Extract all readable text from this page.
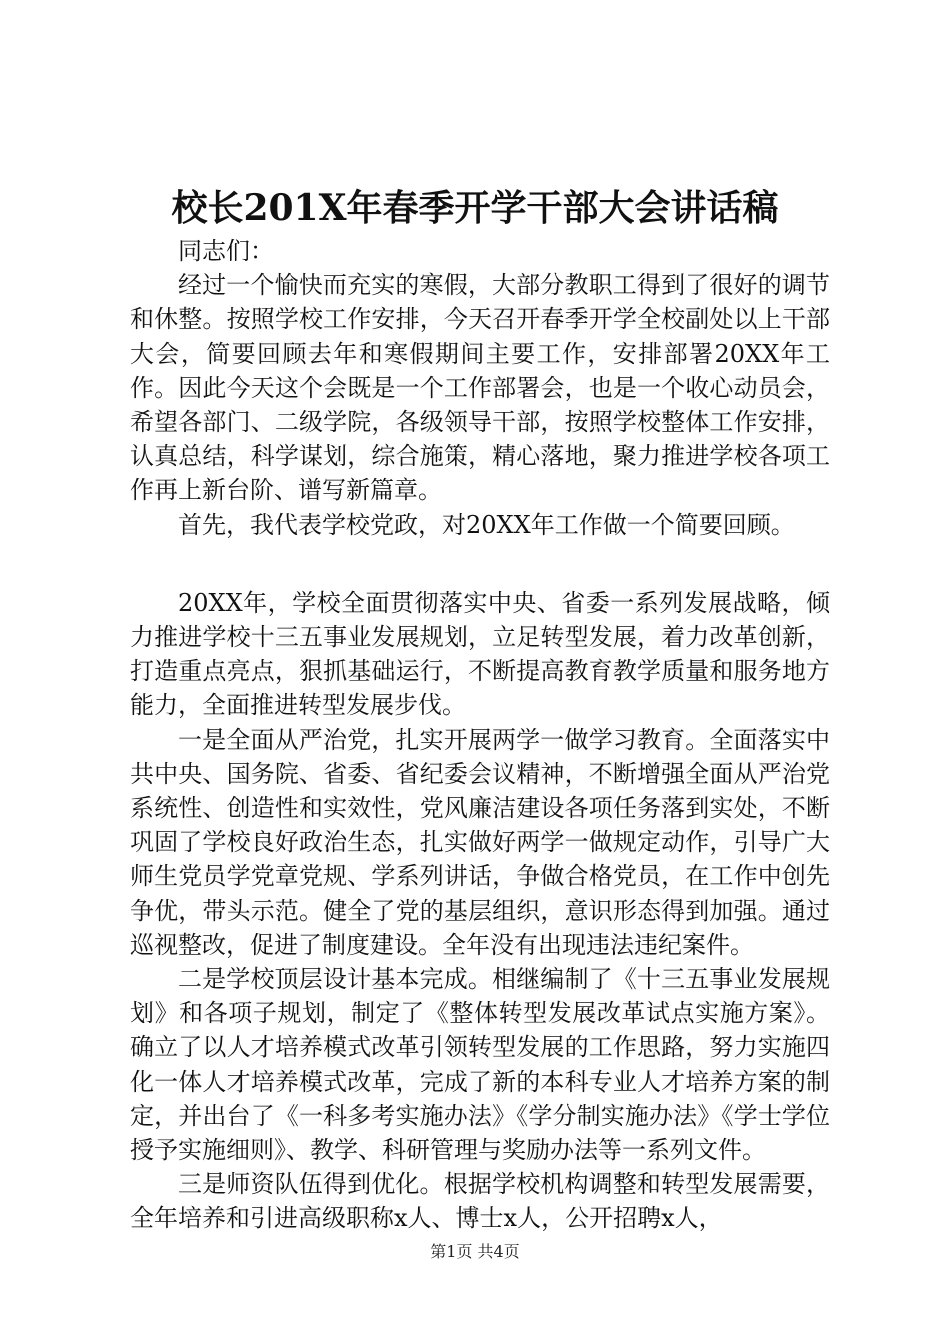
校长201X年春季开学干部大会讲话稿

同志们：

经过一个愉快而充实的寒假，大部分教职工得到了很好的调节和休整。按照学校工作安排，今天召开春季开学全校副处以上干部大会，简要回顾去年和寒假期间主要工作，安排部署20XX年工作。因此今天这个会既是一个工作部署会，也是一个收心动员会，希望各部门、二级学院，各级领导干部，按照学校整体工作安排，认真总结，科学谋划，综合施策，精心落地，聚力推进学校各项工作再上新台阶、谱写新篇章。

首先，我代表学校党政，对20XX年工作做一个简要回顾。

20XX年，学校全面贯彻落实中央、省委一系列发展战略，倾力推进学校十三五事业发展规划，立足转型发展，着力改革创新，打造重点亮点，狠抓基础运行，不断提高教育教学质量和服务地方能力，全面推进转型发展步伐。

一是全面从严治党，扎实开展两学一做学习教育。全面落实中共中央、国务院、省委、省纪委会议精神，不断增强全面从严治党系统性、创造性和实效性，党风廉洁建设各项任务落到实处，不断巩固了学校良好政治生态，扎实做好两学一做规定动作，引导广大师生党员学党章党规、学系列讲话，争做合格党员，在工作中创先争优，带头示范。健全了党的基层组织，意识形态得到加强。通过巡视整改，促进了制度建设。全年没有出现违法违纪案件。

二是学校顶层设计基本完成。相继编制了《十三五事业发展规划》和各项子规划，制定了《整体转型发展改革试点实施方案》。确立了以人才培养模式改革引领转型发展的工作思路，努力实施四化一体人才培养模式改革，完成了新的本科专业人才培养方案的制定，并出台了《一科多考实施办法》《学分制实施办法》《学士学位授予实施细则》、教学、科研管理与奖励办法等一系列文件。

三是师资队伍得到优化。根据学校机构调整和转型发展需要，全年培养和引进高级职称x人、博士x人，公开招聘x人，

第1页 共4页
